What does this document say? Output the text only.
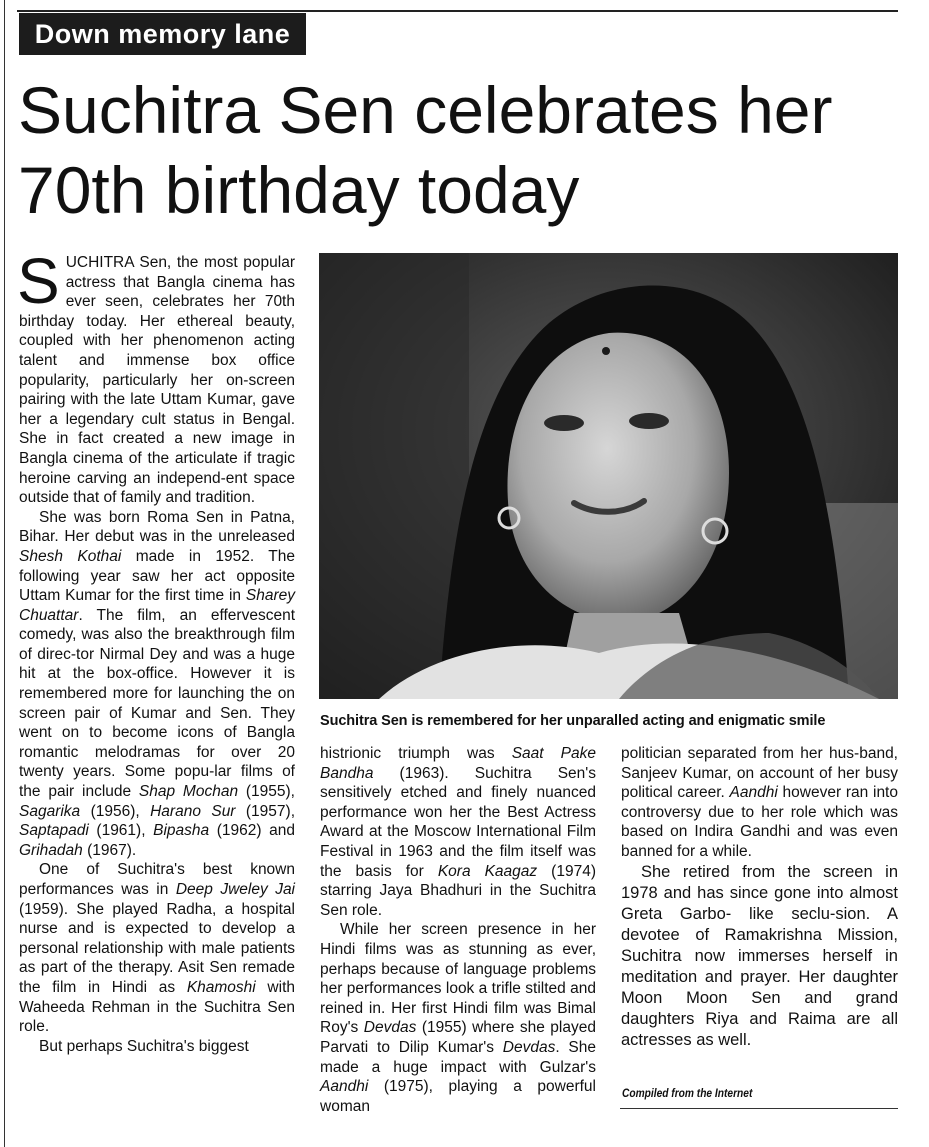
Down memory lane
Suchitra Sen celebrates her 70th birthday today

SUCHITRA Sen, the most popular actress that Bangla cinema has ever seen, celebrates her 70th birthday today. Her ethereal beauty, coupled with her phenomenon acting talent and immense box office popularity, particularly her on-screen pairing with the late Uttam Kumar, gave her a legendary cult status in Bengal. She in fact created a new image in Bangla cinema of the articulate if tragic heroine carving an independ-ent space outside that of family and tradition.

She was born Roma Sen in Patna, Bihar. Her debut was in the unreleased Shesh Kothai made in 1952. The following year saw her act opposite Uttam Kumar for the first time in Sharey Chuattar. The film, an effervescent comedy, was also the breakthrough film of direc-tor Nirmal Dey and was a huge hit at the box-office. However it is remembered more for launching the on screen pair of Kumar and Sen. They went on to become icons of Bangla romantic melodramas for over 20 twenty years. Some popu-lar films of the pair include Shap Mochan (1955), Sagarika (1956), Harano Sur (1957), Saptapadi (1961), Bipasha (1962) and Grihadah (1967).

One of Suchitra's best known performances was in Deep Jweley Jai (1959). She played Radha, a hospital nurse and is expected to develop a personal relationship with male patients as part of the therapy. Asit Sen remade the film in Hindi as Khamoshi with Waheeda Rehman in the Suchitra Sen role.

But perhaps Suchitra's biggest

Suchitra Sen is remembered for her unparalled acting and enigmatic smile

histrionic triumph was Saat Pake Bandha (1963). Suchitra Sen's sensitively etched and finely nuanced performance won her the Best Actress Award at the Moscow International Film Festival in 1963 and the film itself was the basis for Kora Kaagaz (1974) starring Jaya Bhadhuri in the Suchitra Sen role.

While her screen presence in her Hindi films was as stunning as ever, perhaps because of language problems her performances look a trifle stilted and reined in. Her first Hindi film was Bimal Roy's Devdas (1955) where she played Parvati to Dilip Kumar's Devdas. She made a huge impact with Gulzar's Aandhi (1975), playing a powerful woman

politician separated from her hus-band, Sanjeev Kumar, on account of her busy political career. Aandhi however ran into controversy due to her role which was based on Indira Gandhi and was even banned for a while.

She retired from the screen in 1978 and has since gone into almost Greta Garbo- like seclu-sion. A devotee of Ramakrishna Mission, Suchitra now immerses herself in meditation and prayer. Her daughter Moon Moon Sen and grand daughters Riya and Raima are all actresses as well.

Compiled from the Internet
